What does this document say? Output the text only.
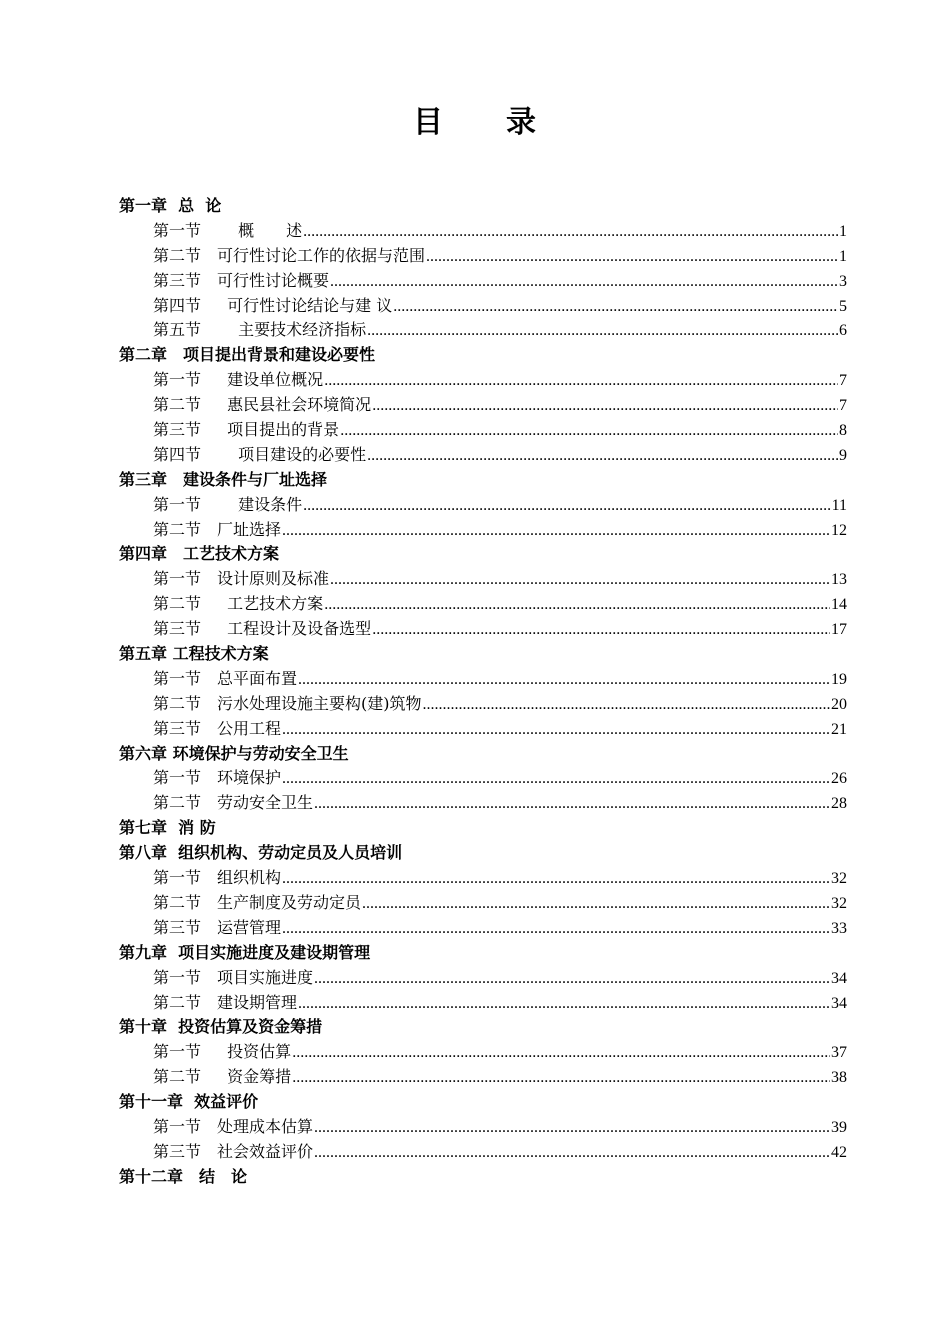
目　　录
第一章  总  论
第一节　　 概　　述 .....	1
第二节　可行性讨论工作的依据与范围 .....	1
第三节　可行性讨论概要 .....	3
第四节 　 可行性讨论结论与建 议 .....	5
第五节 　　主要技术经济指标 .....	6
第二章　项目提出背景和建设必要性
第一节 　 建设单位概况 .....	7
第二节 　 惠民县社会环境简况 .....	7
第三节 　 项目提出的背景 .....	8
第四节 　　项目建设的必要性 .....	9
第三章　建设条件与厂址选择
第一节 　　建设条件 .....	11
第二节　厂址选择 .....	12
第四章　工艺技术方案
第一节　设计原则及标准 .....	13
第二节 　 工艺技术方案 .....	14
第三节 　 工程设计及设备选型 .....	17
第五章 工程技术方案
第一节　总平面布置 .....	19
第二节　污水处理设施主要构(建)筑物 .....	20
第三节　公用工程 .....	21
第六章 环境保护与劳动安全卫生
第一节　环境保护 .....	26
第二节　劳动安全卫生 .....	28
第七章  消 防
第八章  组织机构、劳动定员及人员培训
第一节　组织机构 .....	32
第二节　生产制度及劳动定员 .....	32
第三节　运营管理 .....	33
第九章  项目实施进度及建设期管理
第一节　项目实施进度 .....	34
第二节　建设期管理 .....	34
第十章  投资估算及资金筹措
第一节 　 投资估算 .....	37
第二节 　 资金筹措 .....	38
第十一章  效益评价
第一节　处理成本估算 .....	39
第三节　社会效益评价 .....	42
第十二章　结　论
